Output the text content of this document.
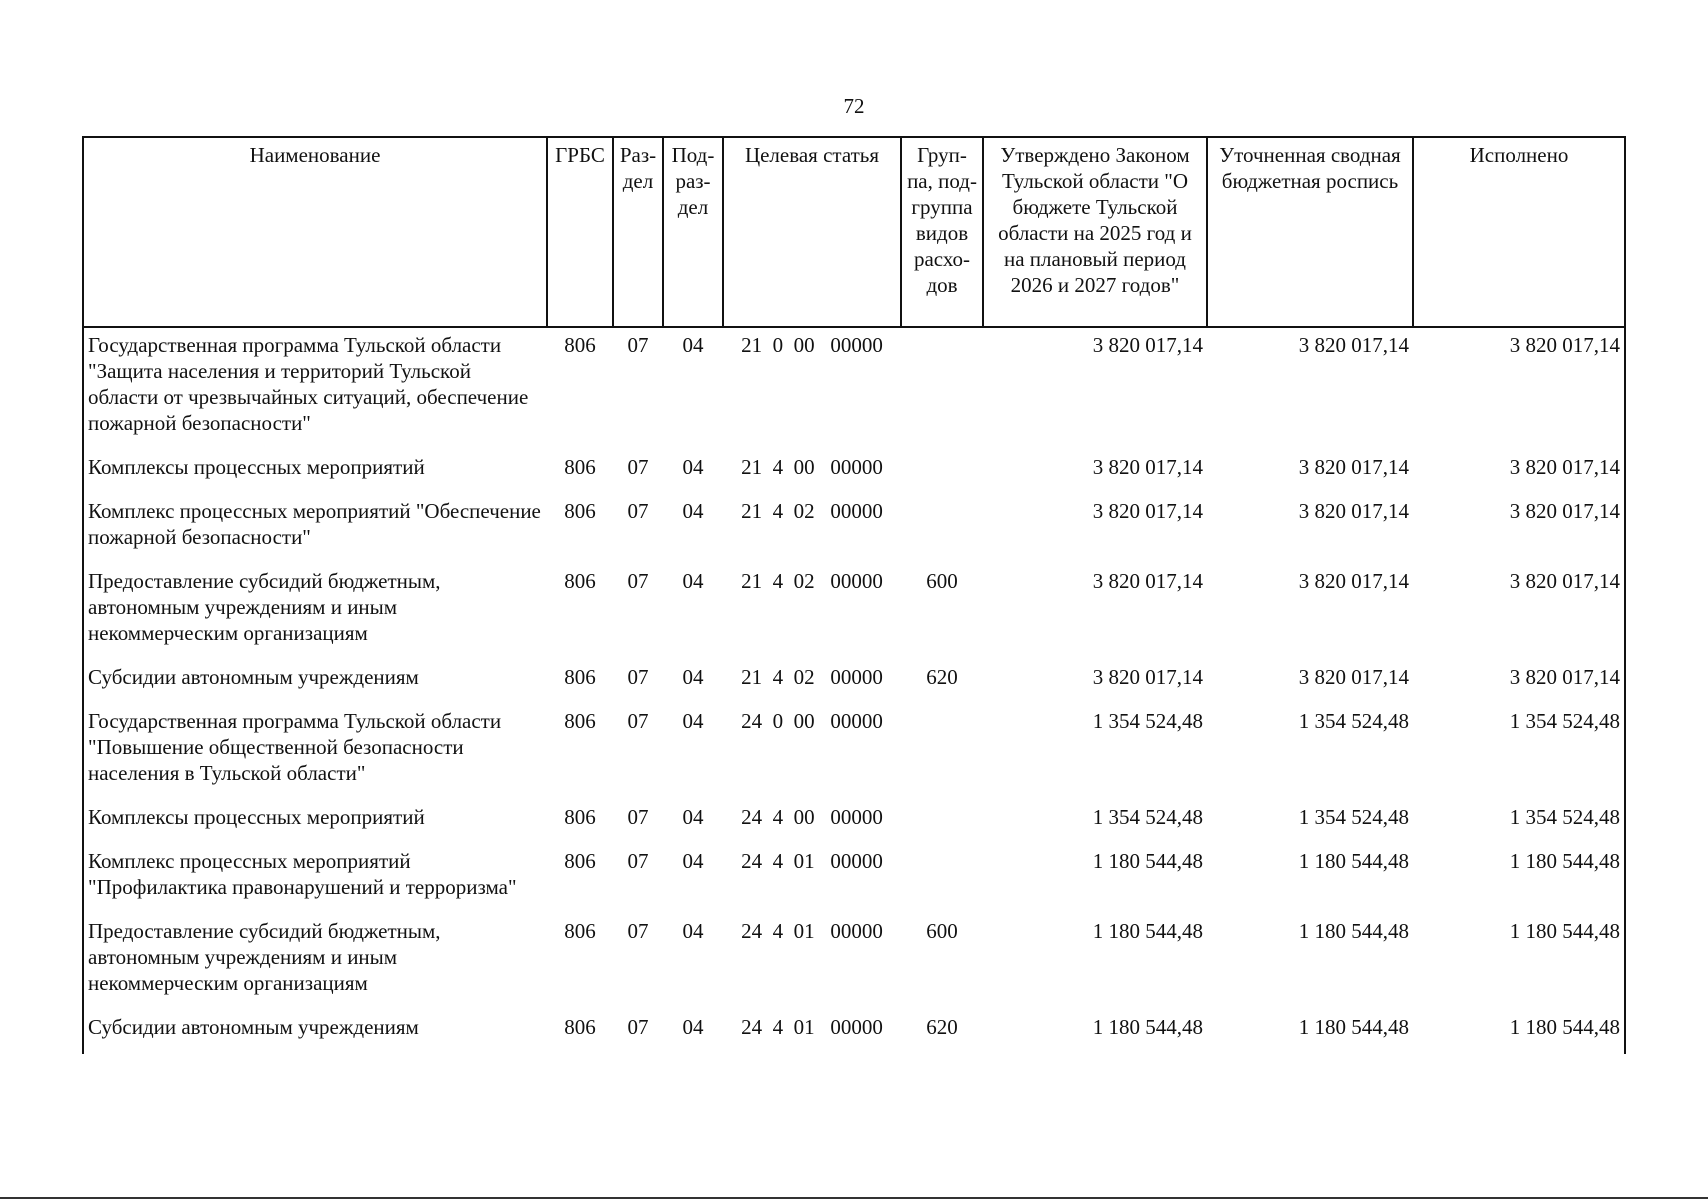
72
Наименование	ГРБС	Раз- дел	Под- раз- дел	Целевая статья	Груп- па, под- группа видов расхо- дов	Утверждено Законом Тульской области "О бюджете Тульской области на 2025 год и на плановый период 2026 и 2027 годов"	Уточненная сводная бюджетная роспись	Исполнено
Государственная программа Тульской области "Защита населения и территорий Тульской области от чрезвычайных ситуаций, обеспечение пожарной безопасности"	806	07	04	21  0  00   00000		3 820 017,14	3 820 017,14	3 820 017,14
Комплексы процессных мероприятий	806	07	04	21  4  00   00000		3 820 017,14	3 820 017,14	3 820 017,14
Комплекс процессных мероприятий "Обеспечение пожарной безопасности"	806	07	04	21  4  02   00000		3 820 017,14	3 820 017,14	3 820 017,14
Предоставление субсидий бюджетным, автономным учреждениям и иным некоммерческим организациям	806	07	04	21  4  02   00000	600	3 820 017,14	3 820 017,14	3 820 017,14
Субсидии автономным учреждениям	806	07	04	21  4  02   00000	620	3 820 017,14	3 820 017,14	3 820 017,14
Государственная программа Тульской области "Повышение общественной безопасности населения в Тульской области"	806	07	04	24  0  00   00000		1 354 524,48	1 354 524,48	1 354 524,48
Комплексы процессных мероприятий	806	07	04	24  4  00   00000		1 354 524,48	1 354 524,48	1 354 524,48
Комплекс процессных мероприятий "Профилактика правонарушений и терроризма"	806	07	04	24  4  01   00000		1 180 544,48	1 180 544,48	1 180 544,48
Предоставление субсидий бюджетным, автономным учреждениям и иным некоммерческим организациям	806	07	04	24  4  01   00000	600	1 180 544,48	1 180 544,48	1 180 544,48
Субсидии автономным учреждениям	806	07	04	24  4  01   00000	620	1 180 544,48	1 180 544,48	1 180 544,48
